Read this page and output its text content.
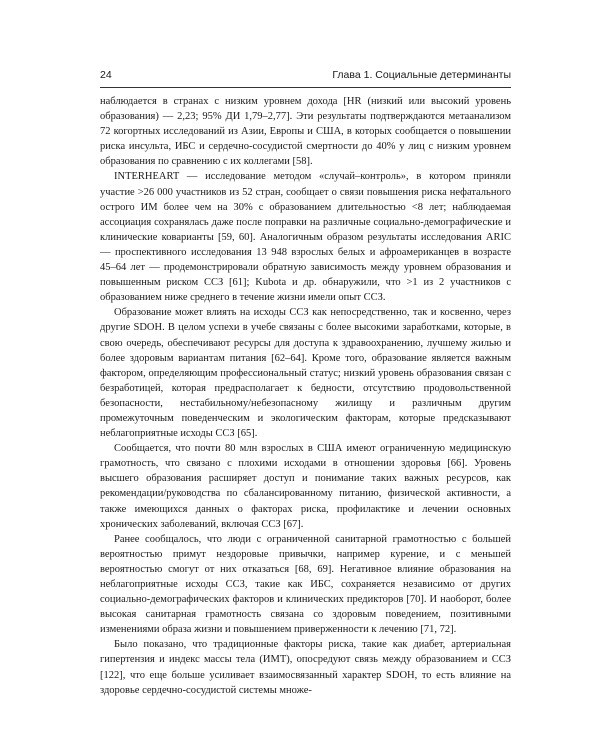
24	Глава 1. Социальные детерминанты

наблюдается в странах с низким уровнем дохода [HR (низкий или высокий уровень образования) — 2,23; 95% ДИ 1,79–2,77]. Эти результаты подтверждаются метаанализом 72 когортных исследований из Азии, Европы и США, в которых сообщается о повышении риска инсульта, ИБС и сердечно-сосудистой смертности до 40% у лиц с низким уровнем образования по сравнению с их коллегами [58].

INTERHEART — исследование методом «случай–контроль», в котором приняли участие >26 000 участников из 52 стран, сообщает о связи повышения риска нефатального острого ИМ более чем на 30% с образованием длительностью <8 лет; наблюдаемая ассоциация сохранялась даже после поправки на различные социально-демографические и клинические коварианты [59, 60]. Аналогичным образом результаты исследования ARIC — проспективного исследования 13 948 взрослых белых и афроамериканцев в возрасте 45–64 лет — продемонстрировали обратную зависимость между уровнем образования и повышенным риском ССЗ [61]; Kubota и др. обнаружили, что >1 из 2 участников с образованием ниже среднего в течение жизни имели опыт ССЗ.

Образование может влиять на исходы ССЗ как непосредственно, так и косвенно, через другие SDOH. В целом успехи в учебе связаны с более высокими заработками, которые, в свою очередь, обеспечивают ресурсы для доступа к здравоохранению, лучшему жилью и более здоровым вариантам питания [62–64]. Кроме того, образование является важным фактором, определяющим профессиональный статус; низкий уровень образования связан с безработицей, которая предрасполагает к бедности, отсутствию продовольственной безопасности, нестабильному/небезопасному жилищу и различным другим промежуточным поведенческим и экологическим факторам, которые предсказывают неблагоприятные исходы ССЗ [65].

Сообщается, что почти 80 млн взрослых в США имеют ограниченную медицинскую грамотность, что связано с плохими исходами в отношении здоровья [66]. Уровень высшего образования расширяет доступ и понимание таких важных ресурсов, как рекомендации/руководства по сбалансированному питанию, физической активности, а также имеющихся данных о факторах риска, профилактике и лечении основных хронических заболеваний, включая ССЗ [67].

Ранее сообщалось, что люди с ограниченной санитарной грамотностью с большей вероятностью примут нездоровые привычки, например курение, и с меньшей вероятностью смогут от них отказаться [68, 69]. Негативное влияние образования на неблагоприятные исходы ССЗ, такие как ИБС, сохраняется независимо от других социально-демографических факторов и клинических предикторов [70]. И наоборот, более высокая санитарная грамотность связана со здоровым поведением, позитивными изменениями образа жизни и повышением приверженности к лечению [71, 72].

Было показано, что традиционные факторы риска, такие как диабет, артериальная гипертензия и индекс массы тела (ИМТ), опосредуют связь между образованием и ССЗ [122], что еще больше усиливает взаимосвязанный характер SDOH, то есть влияние на здоровье сердечно-сосудистой системы множе-
